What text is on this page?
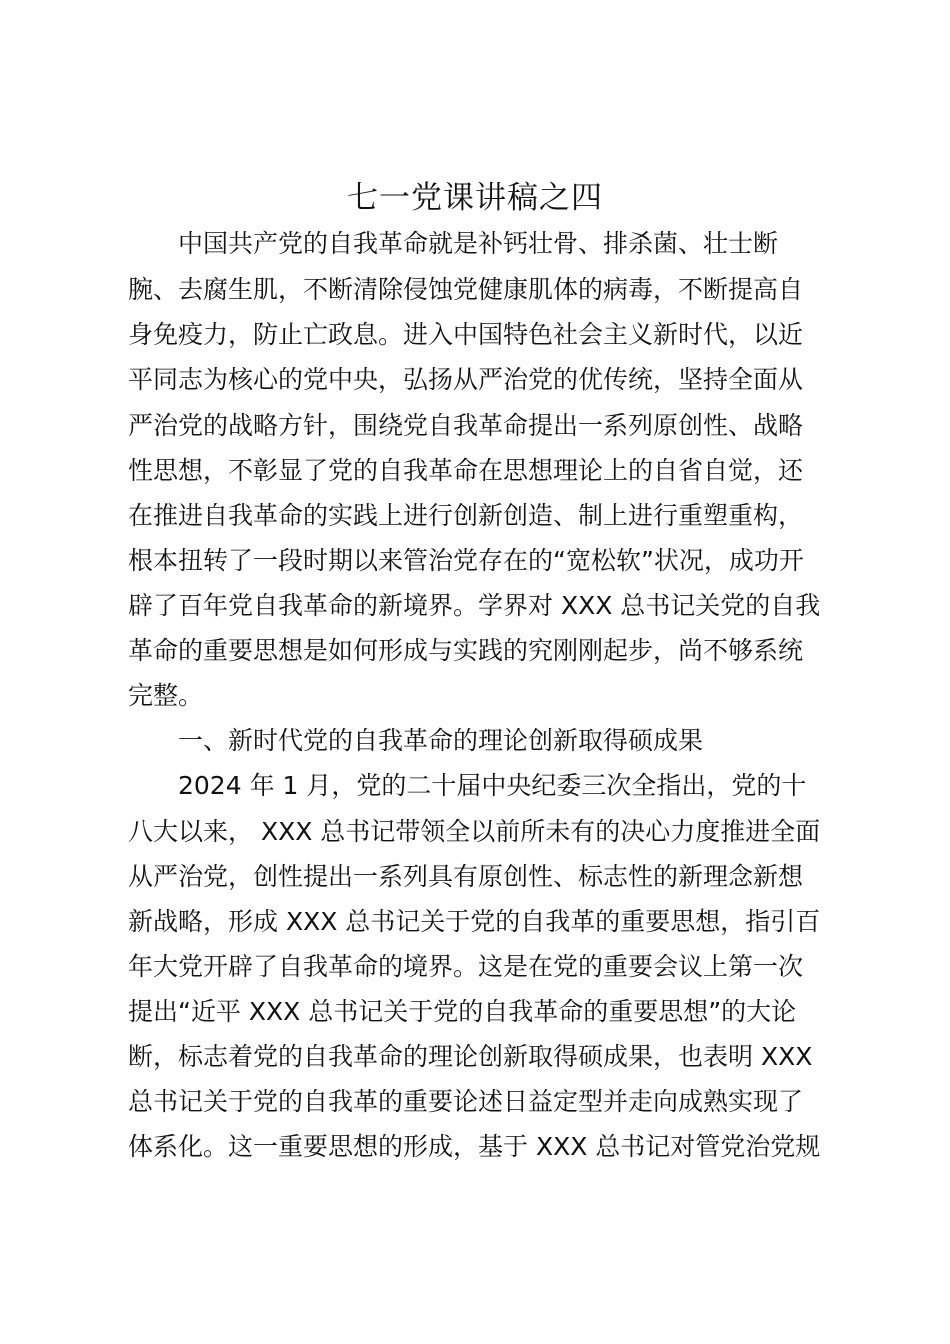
七一党课讲稿之四
中国共产党的自我革命就是补钙壮骨、排杀菌、壮士断
腕、去腐生肌，不断清除侵蚀党健康肌体的病毒，不断提高自
身免疫力，防止亡政息。进入中国特色社会主义新时代，以近
平同志为核心的党中央，弘扬从严治党的优传统，坚持全面从
严治党的战略方针，围绕党自我革命提出一系列原创性、战略
性思想，不彰显了党的自我革命在思想理论上的自省自觉，还
在推进自我革命的实践上进行创新创造、制上进行重塑重构，
根本扭转了一段时期以来管治党存在的“宽松软”状况，成功开
辟了百年党自我革命的新境界。学界对 XXX 总书记关党的自我
革命的重要思想是如何形成与实践的究刚刚起步，尚不够系统
完整。
一、新时代党的自我革命的理论创新取得硕成果
2024 年 1 月，党的二十届中央纪委三次全指出，党的十
八大以来， XXX 总书记带领全以前所未有的决心力度推进全面
从严治党，创性提出一系列具有原创性、标志性的新理念新想
新战略，形成 XXX 总书记关于党的自我革的重要思想，指引百
年大党开辟了自我革命的境界。这是在党的重要会议上第一次
提出“近平 XXX 总书记关于党的自我革命的重要思想”的大论
断，标志着党的自我革命的理论创新取得硕成果，也表明 XXX
总书记关于党的自我革的重要论述日益定型并走向成熟实现了
体系化。这一重要思想的形成，基于 XXX 总书记对管党治党规
